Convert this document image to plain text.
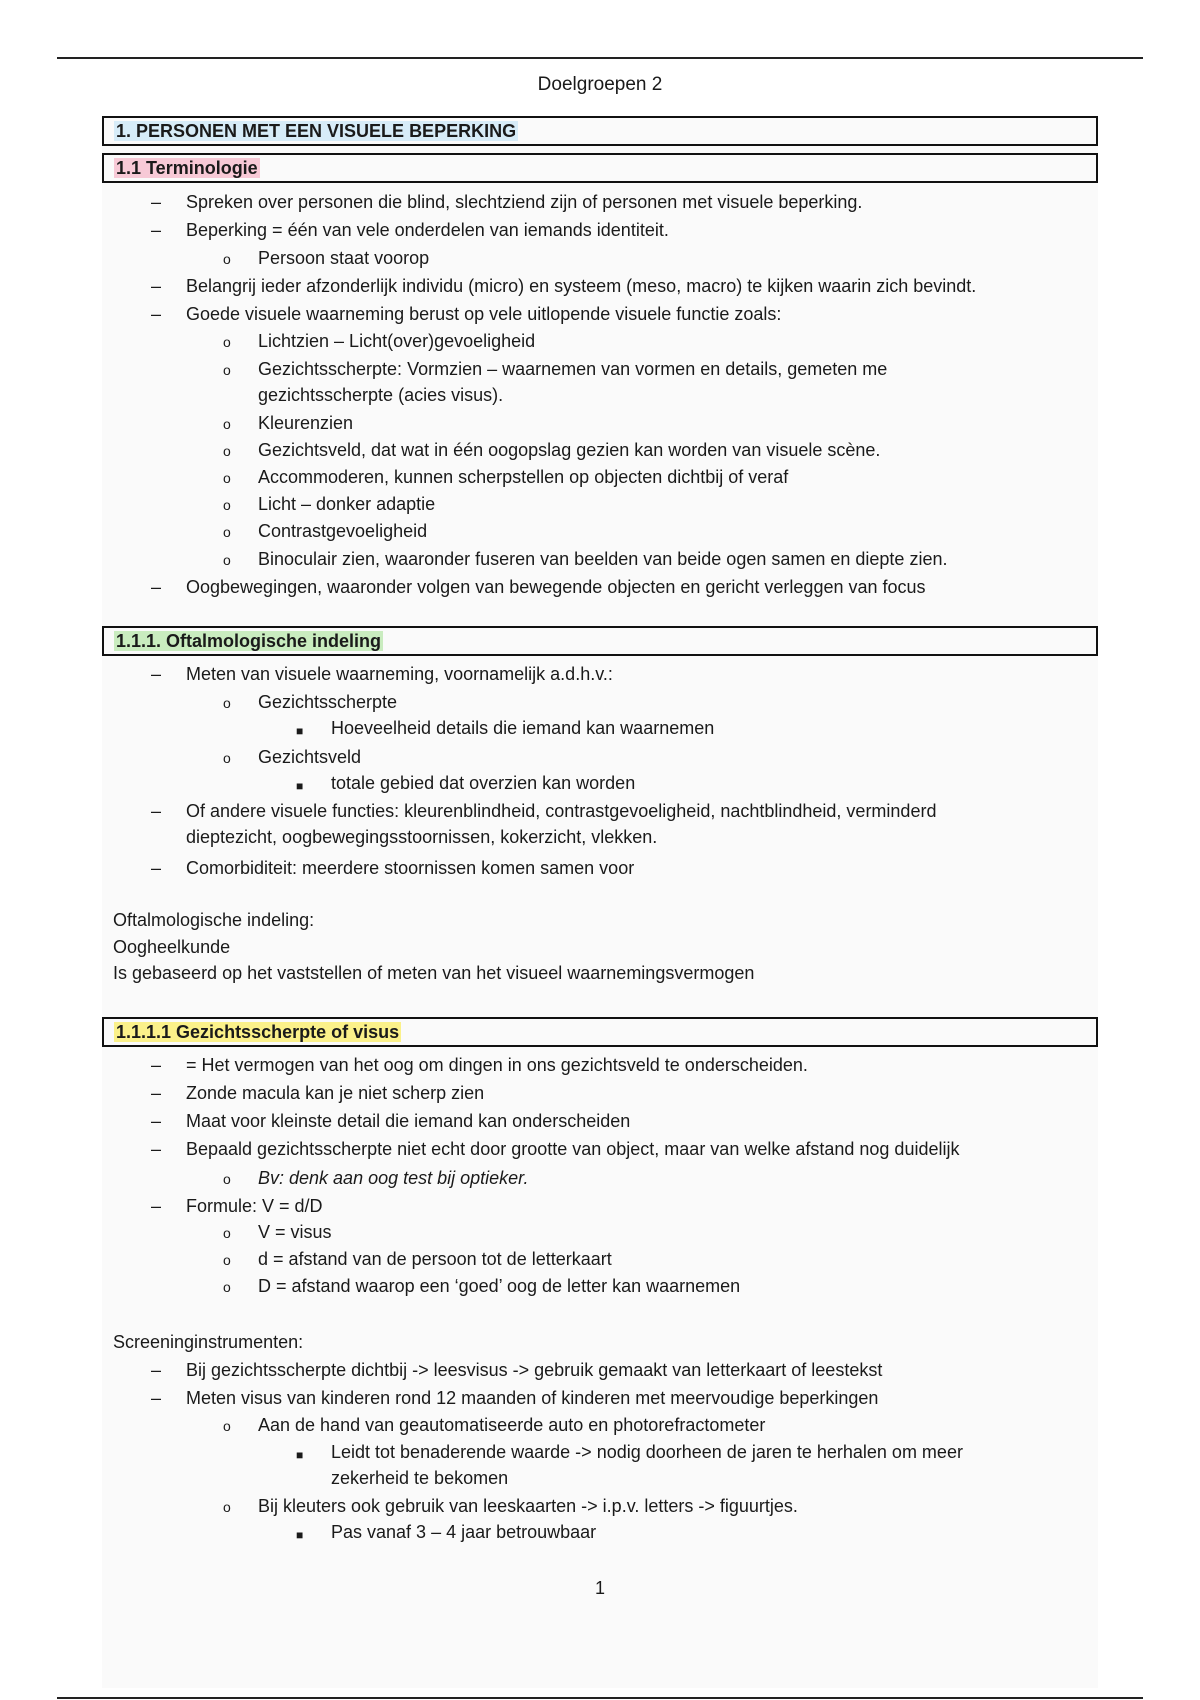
Doelgroepen 2
1. PERSONEN MET EEN VISUELE BEPERKING
1.1 Terminologie
– Spreken over personen die blind, slechtziend zijn of personen met visuele beperking.
– Beperking = één van vele onderdelen van iemands identiteit.
o Persoon staat voorop
– Belangrij ieder afzonderlijk individu (micro) en systeem (meso, macro) te kijken waarin zich bevindt.
– Goede visuele waarneming berust op vele uitlopende visuele functie zoals:
o Lichtzien – Licht(over)gevoeligheid
o Gezichtsscherpte: Vormzien – waarnemen van vormen en details, gemeten me
gezichtsscherpte (acies visus).
o Kleurenzien
o Gezichtsveld, dat wat in één oogopslag gezien kan worden van visuele scène.
o Accommoderen, kunnen scherpstellen op objecten dichtbij of veraf
o Licht – donker adaptie
o Contrastgevoeligheid
o Binoculair zien, waaronder fuseren van beelden van beide ogen samen en diepte zien.
– Oogbewegingen, waaronder volgen van bewegende objecten en gericht verleggen van focus
1.1.1. Oftalmologische indeling
– Meten van visuele waarneming, voornamelijk a.d.h.v.:
o Gezichtsscherpte
■ Hoeveelheid details die iemand kan waarnemen
o Gezichtsveld
■ totale gebied dat overzien kan worden
– Of andere visuele functies: kleurenblindheid, contrastgevoeligheid, nachtblindheid, verminderd
dieptezicht, oogbewegingsstoornissen, kokerzicht, vlekken.
– Comorbiditeit: meerdere stoornissen komen samen voor
Oftalmologische indeling:
Oogheelkunde
Is gebaseerd op het vaststellen of meten van het visueel waarnemingsvermogen
1.1.1.1 Gezichtsscherpte of visus
– = Het vermogen van het oog om dingen in ons gezichtsveld te onderscheiden.
– Zonde macula kan je niet scherp zien
– Maat voor kleinste detail die iemand kan onderscheiden
– Bepaald gezichtsscherpte niet echt door grootte van object, maar van welke afstand nog duidelijk
o Bv: denk aan oog test bij optieker.
– Formule: V = d/D
o V = visus
o d = afstand van de persoon tot de letterkaart
o D = afstand waarop een ‘goed’ oog de letter kan waarnemen
Screeninginstrumenten:
– Bij gezichtsscherpte dichtbij -> leesvisus -> gebruik gemaakt van letterkaart of leestekst
– Meten visus van kinderen rond 12 maanden of kinderen met meervoudige beperkingen
o Aan de hand van geautomatiseerde auto en photorefractometer
■ Leidt tot benaderende waarde -> nodig doorheen de jaren te herhalen om meer
zekerheid te bekomen
o Bij kleuters ook gebruik van leeskaarten -> i.p.v. letters -> figuurtjes.
■ Pas vanaf 3 – 4 jaar betrouwbaar
1
